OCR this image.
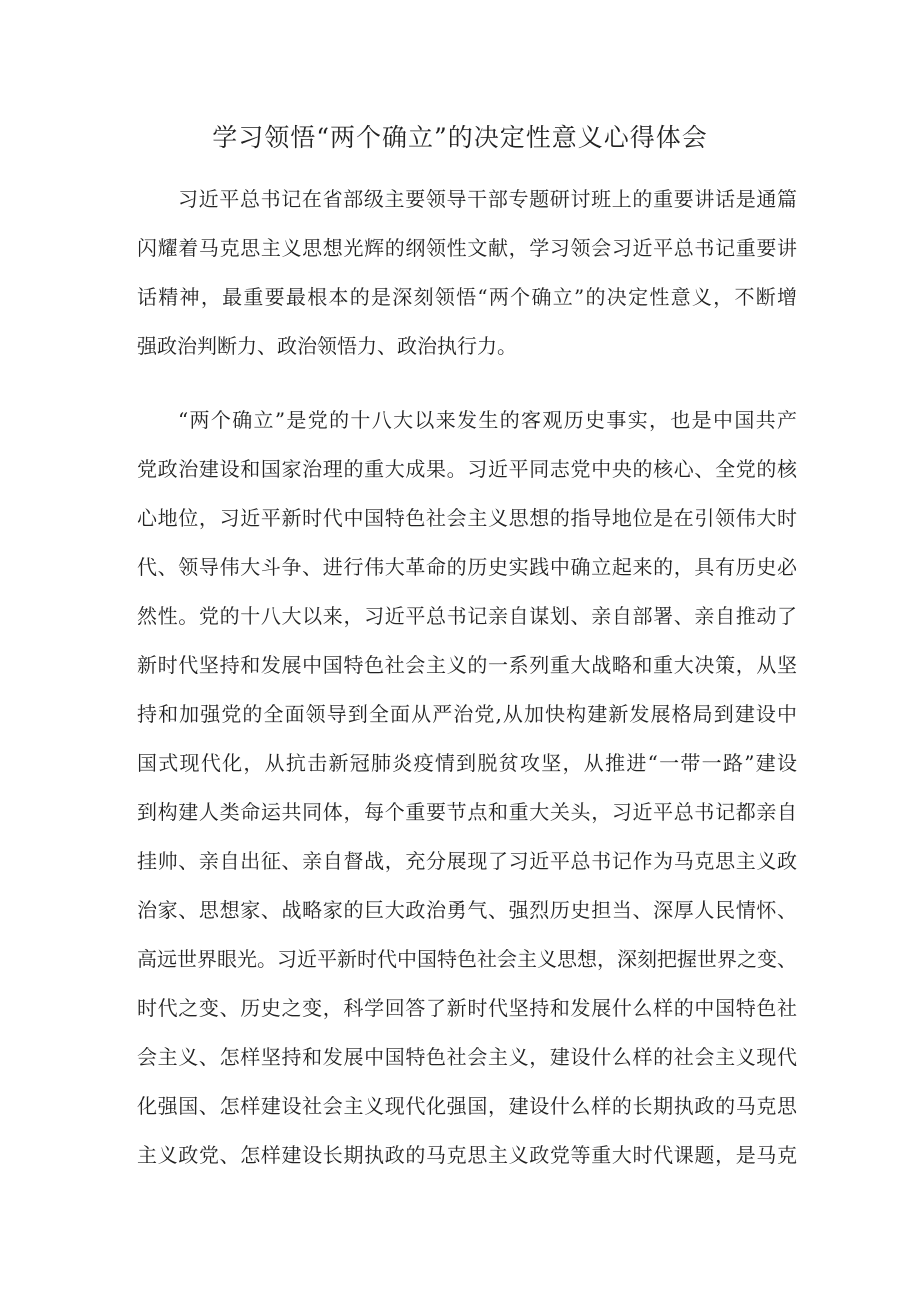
学习领悟“两个确立”的决定性意义心得体会
习近平总书记在省部级主要领导干部专题研讨班上的重要讲话是通篇
闪耀着马克思主义思想光辉的纲领性文献，学习领会习近平总书记重要讲
话精神，最重要最根本的是深刻领悟“两个确立”的决定性意义，不断增
强政治判断力、政治领悟力、政治执行力。
“两个确立”是党的十八大以来发生的客观历史事实，也是中国共产
党政治建设和国家治理的重大成果。习近平同志党中央的核心、全党的核
心地位，习近平新时代中国特色社会主义思想的指导地位是在引领伟大时
代、领导伟大斗争、进行伟大革命的历史实践中确立起来的，具有历史必
然性。党的十八大以来，习近平总书记亲自谋划、亲自部署、亲自推动了
新时代坚持和发展中国特色社会主义的一系列重大战略和重大决策，从坚
持和加强党的全面领导到全面从严治党,从加快构建新发展格局到建设中
国式现代化，从抗击新冠肺炎疫情到脱贫攻坚，从推进“一带一路”建设
到构建人类命运共同体，每个重要节点和重大关头，习近平总书记都亲自
挂帅、亲自出征、亲自督战，充分展现了习近平总书记作为马克思主义政
治家、思想家、战略家的巨大政治勇气、强烈历史担当、深厚人民情怀、
高远世界眼光。习近平新时代中国特色社会主义思想，深刻把握世界之变、
时代之变、历史之变，科学回答了新时代坚持和发展什么样的中国特色社
会主义、怎样坚持和发展中国特色社会主义，建设什么样的社会主义现代
化强国、怎样建设社会主义现代化强国，建设什么样的长期执政的马克思
主义政党、怎样建设长期执政的马克思主义政党等重大时代课题，是马克
